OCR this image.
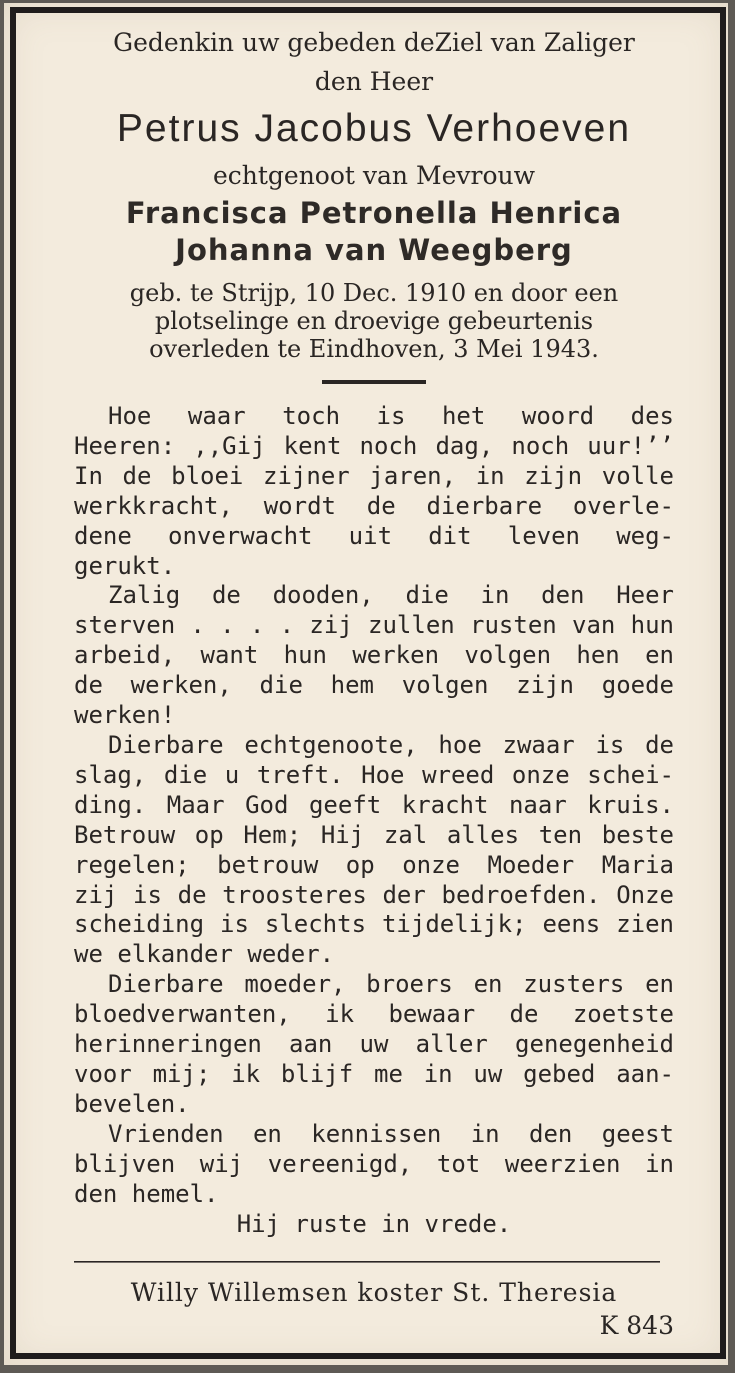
Gedenkin uw gebeden deZiel van Zaliger
den Heer
Petrus Jacobus Verhoeven
echtgenoot van Mevrouw
Francisca Petronella Henrica
Johanna van Weegberg
geb. te Strijp, 10 Dec. 1910 en door een
plotselinge en droevige gebeurtenis
overleden te Eindhoven, 3 Mei 1943.
Hoe waar toch is het woord des
Heeren: ,,Gij kent noch dag, noch uur!’’
In de bloei zijner jaren, in zijn volle
werkkracht, wordt de dierbare overle-
dene onverwacht uit dit leven weg-
gerukt.
Zalig de dooden, die in den Heer
sterven . . . . zij zullen rusten van hun
arbeid, want hun werken volgen hen en
de werken, die hem volgen zijn goede
werken!
Dierbare echtgenoote, hoe zwaar is de
slag, die u treft. Hoe wreed onze schei-
ding. Maar God geeft kracht naar kruis.
Betrouw op Hem; Hij zal alles ten beste
regelen; betrouw op onze Moeder Maria
zij is de troosteres der bedroefden. Onze
scheiding is slechts tijdelijk; eens zien
we elkander weder.
Dierbare moeder, broers en zusters en
bloedverwanten, ik bewaar de zoetste
herinneringen aan uw aller genegenheid
voor mij; ik blijf me in uw gebed aan-
bevelen.
Vrienden en kennissen in den geest
blijven wij vereenigd, tot weerzien in
den hemel.
Hij ruste in vrede.
Willy Willemsen koster St. Theresia
K 843
